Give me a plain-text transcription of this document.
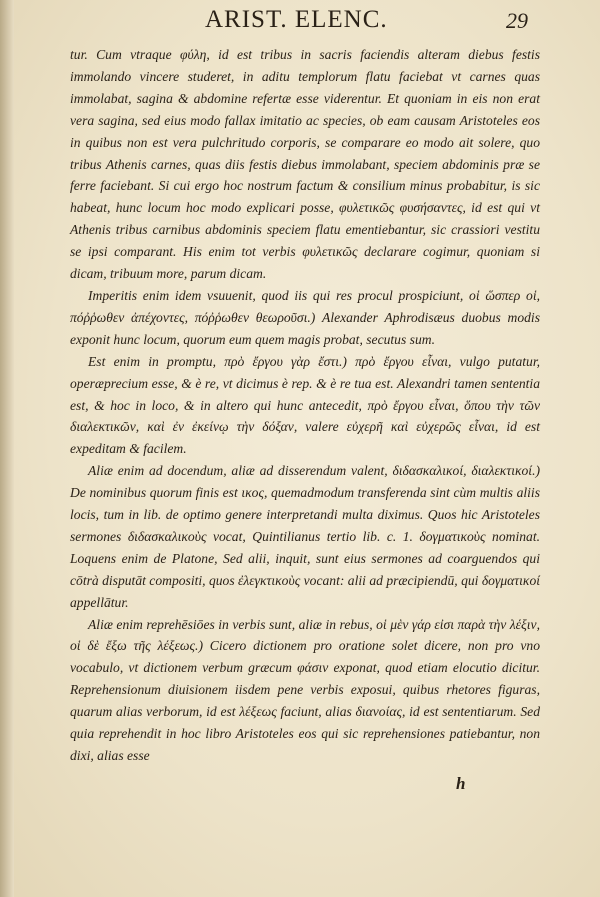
ARIST. ELENC.	29

tur. Cum vtraque φύλη, id est tribus in sacris faciendis alteram diebus festis immolando vincere studeret, in aditu templorum flatu faciebat vt carnes quas immolabat, sagina & abdomine refertæ esse viderentur. Et quoniam in eis non erat vera sagina, sed eius modo fallax imitatio ac species, ob eam causam Aristoteles eos in quibus non est vera pulchritudo corporis, se comparare eo modo ait solere, quo tribus Athenis carnes, quas diis festis diebus immolabant, speciem abdominis præ se ferre faciebant. Si cui ergo hoc nostrum factum & consilium minus probabitur, is sic habeat, hunc locum hoc modo explicari posse, φυλετικῶς φυσήσαντες, id est qui vt Athenis tribus carnibus abdominis speciem flatu ementiebantur, sic crassiori vestitu se ipsi comparant. His enim tot verbis φυλετικῶς declarare cogimur, quoniam si dicam, tribuum more, parum dicam.

Imperitis enim idem vsuuenit, quod iis qui res procul prospiciunt, οἱ ὥσπερ οἱ, πόῤῥωθεν ἀπέχοντες, πόῤῥωθεν θεωροῦσι.) Alexander Aphrodisæus duobus modis exponit hunc locum, quorum eum quem magis probat, secutus sum.

Est enim in promptu, πρὸ ἔργου γὰρ ἔστι.) πρὸ ἔργου εἶναι, vulgo putatur, operæprecium esse, & è re, vt dicimus è rep. & è re tua est. Alexandri tamen sententia est, & hoc in loco, & in altero qui hunc antecedit, πρὸ ἔργου εἶναι, ὅπου τὴν τῶν διαλεκτικῶν, καὶ ἐν ἐκείνῳ τὴν δόξαν, valere εὐχερῆ καὶ εὐχερῶς εἶναι, id est expeditam & facilem.

Aliæ enim ad docendum, aliæ ad disserendum valent, διδασκαλικοί, διαλεκτικοί.) De nominibus quorum finis est ικος, quemadmodum transferenda sint cùm multis aliis locis, tum in lib. de optimo genere interpretandi multa diximus. Quos hic Aristoteles sermones διδασκαλικοὺς vocat, Quintilianus tertio lib. c. 1. δογματικοὺς nominat. Loquens enim de Platone, Sed alii, inquit, sunt eius sermones ad coarguendos qui cōtrà disputāt compositi, quos ἐλεγκτικοὺς vocant: alii ad præcipiendū, qui δογματικοί appellātur.

Aliæ enim reprehēsiōes in verbis sunt, aliæ in rebus, οἱ μὲν γάρ εἰσι παρὰ τὴν λέξιν, οἱ δὲ ἔξω τῆς λέξεως.) Cicero dictionem pro oratione solet dicere, non pro vno vocabulo, vt dictionem verbum græcum φάσιν exponat, quod etiam elocutio dicitur. Reprehensionum diuisionem iisdem pene verbis exposui, quibus rhetores figuras, quarum alias verborum, id est λέξεως faciunt, alias διανοίας, id est sententiarum. Sed quia reprehendit in hoc libro Aristoteles eos qui sic reprehensiones patiebantur, non dixi, alias esse

h
